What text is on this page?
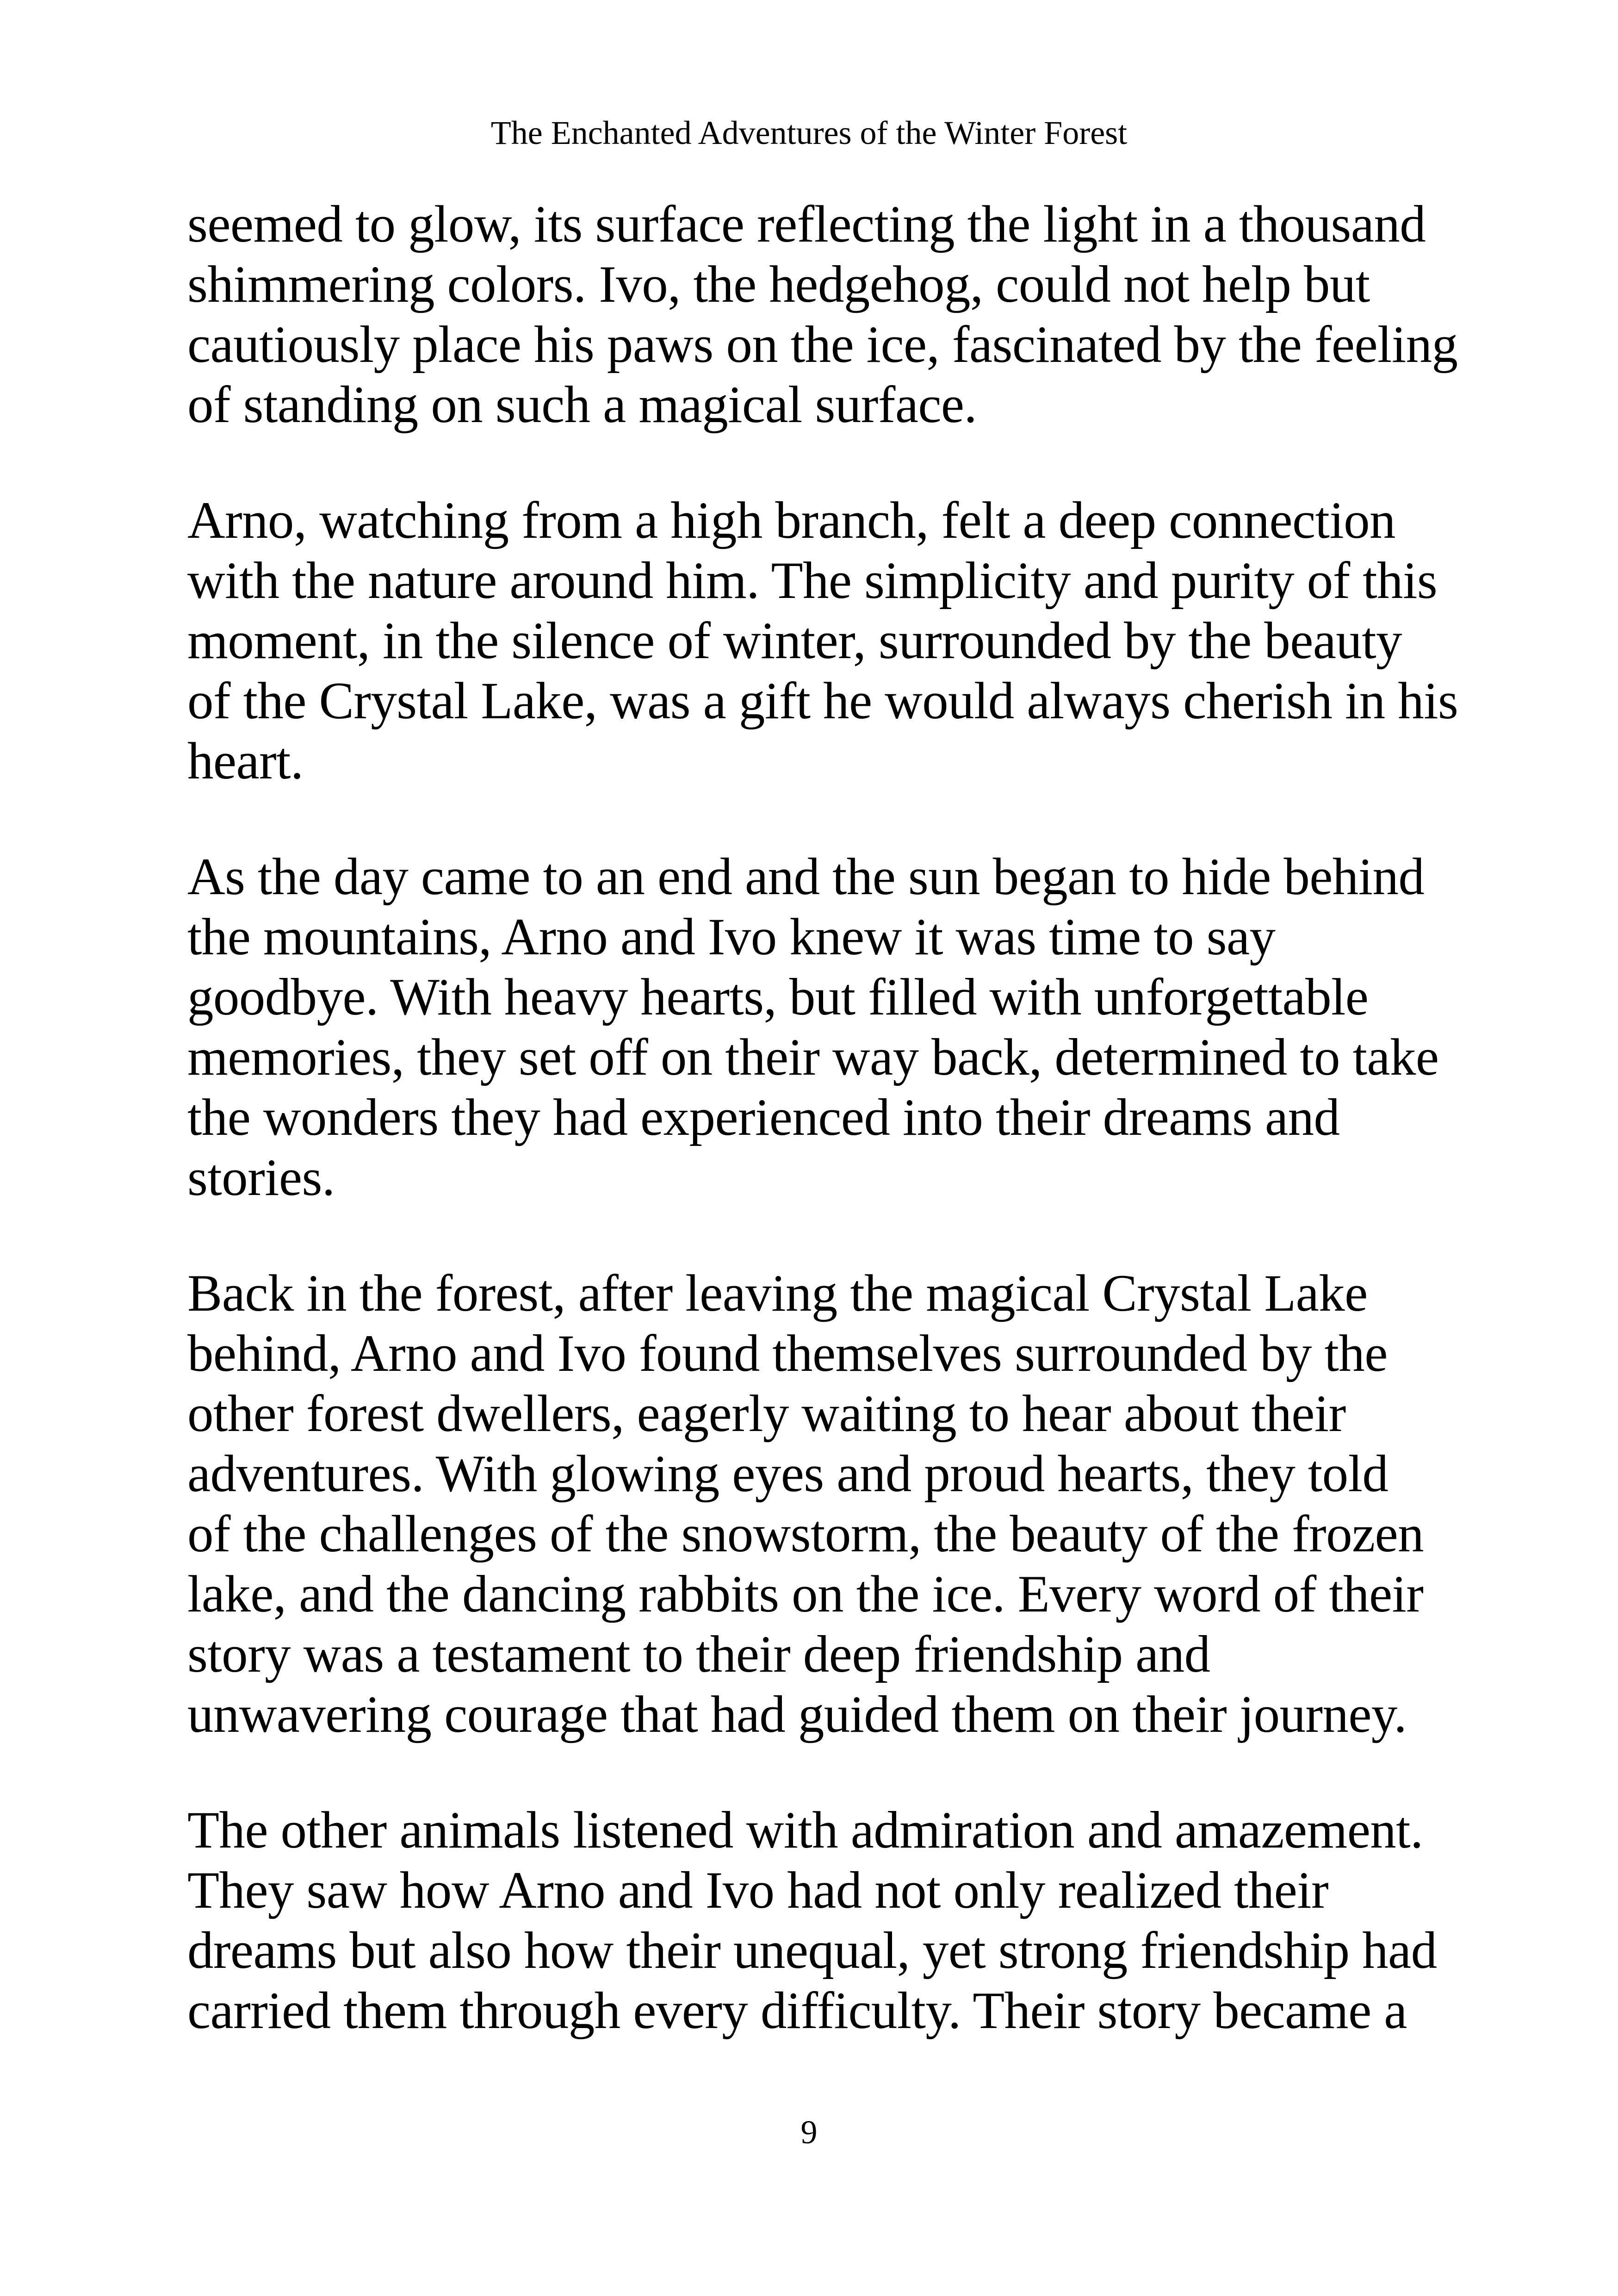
The Enchanted Adventures of the Winter Forest

seemed to glow, its surface reflecting the light in a thousand
shimmering colors. Ivo, the hedgehog, could not help but
cautiously place his paws on the ice, fascinated by the feeling
of standing on such a magical surface.

Arno, watching from a high branch, felt a deep connection
with the nature around him. The simplicity and purity of this
moment, in the silence of winter, surrounded by the beauty
of the Crystal Lake, was a gift he would always cherish in his
heart.

As the day came to an end and the sun began to hide behind
the mountains, Arno and Ivo knew it was time to say
goodbye. With heavy hearts, but filled with unforgettable
memories, they set off on their way back, determined to take
the wonders they had experienced into their dreams and
stories.

Back in the forest, after leaving the magical Crystal Lake
behind, Arno and Ivo found themselves surrounded by the
other forest dwellers, eagerly waiting to hear about their
adventures. With glowing eyes and proud hearts, they told
of the challenges of the snowstorm, the beauty of the frozen
lake, and the dancing rabbits on the ice. Every word of their
story was a testament to their deep friendship and
unwavering courage that had guided them on their journey.

The other animals listened with admiration and amazement.
They saw how Arno and Ivo had not only realized their
dreams but also how their unequal, yet strong friendship had
carried them through every difficulty. Their story became a

9
